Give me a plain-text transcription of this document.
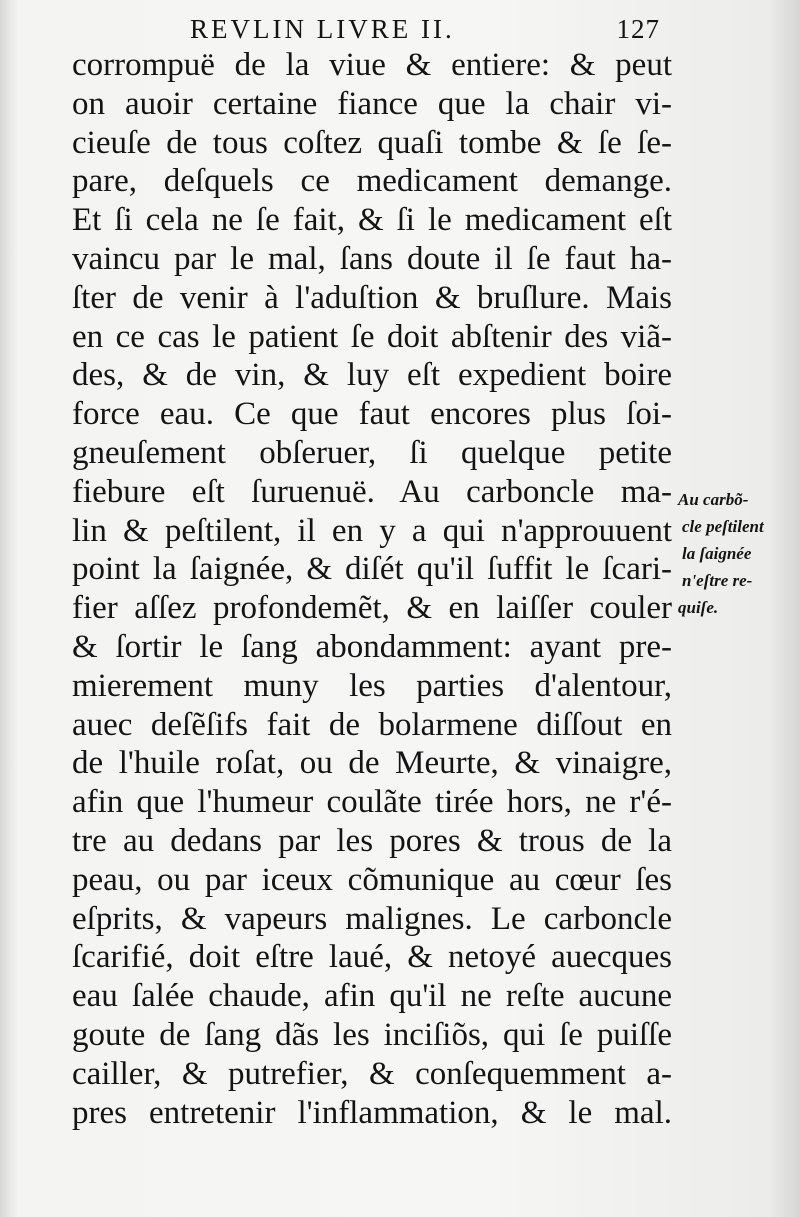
REVLIN LIVRE II.	127
corrompuë de la viue & entiere: & peut
on auoir certaine fiance que la chair vi-
cieuſe de tous coſtez quaſi tombe & ſe ſe-
pare, deſquels ce medicament demange.
Et ſi cela ne ſe fait, & ſi le medicament eſt
vaincu par le mal, ſans doute il ſe faut ha-
ſter de venir à l'aduſtion & bruſlure. Mais
en ce cas le patient ſe doit abſtenir des viã-
des, & de vin, & luy eſt expedient boire
force eau. Ce que faut encores plus ſoi-
gneuſement obſeruer, ſi quelque petite
fiebure eſt ſuruenuë. Au carboncle ma-
lin & peſtilent, il en y a qui n'approuuent
point la ſaignée, & diſét qu'il ſuffit le ſcari-
fier aſſez profondemẽt, & en laiſſer couler
& ſortir le ſang abondamment: ayant pre-
mierement muny les parties d'alentour,
auec deſẽſifs fait de bolarmene diſſout en
de l'huile roſat, ou de Meurte, & vinaigre,
afin que l'humeur coulãte tirée hors, ne r'é-
tre au dedans par les pores & trous de la
peau, ou par iceux cõmunique au cœur ſes
eſprits, & vapeurs malignes. Le carboncle
ſcarifié, doit eſtre laué, & netoyé auecques
eau ſalée chaude, afin qu'il ne reſte aucune
goute de ſang dãs les inciſiõs, qui ſe puiſſe
cailler, & putrefier, & conſequemment a-
pres entretenir l'inflammation, & le mal.
Au carbõ-
cle peſtilent
la ſaignée
n'eſtre re-
quiſe.
